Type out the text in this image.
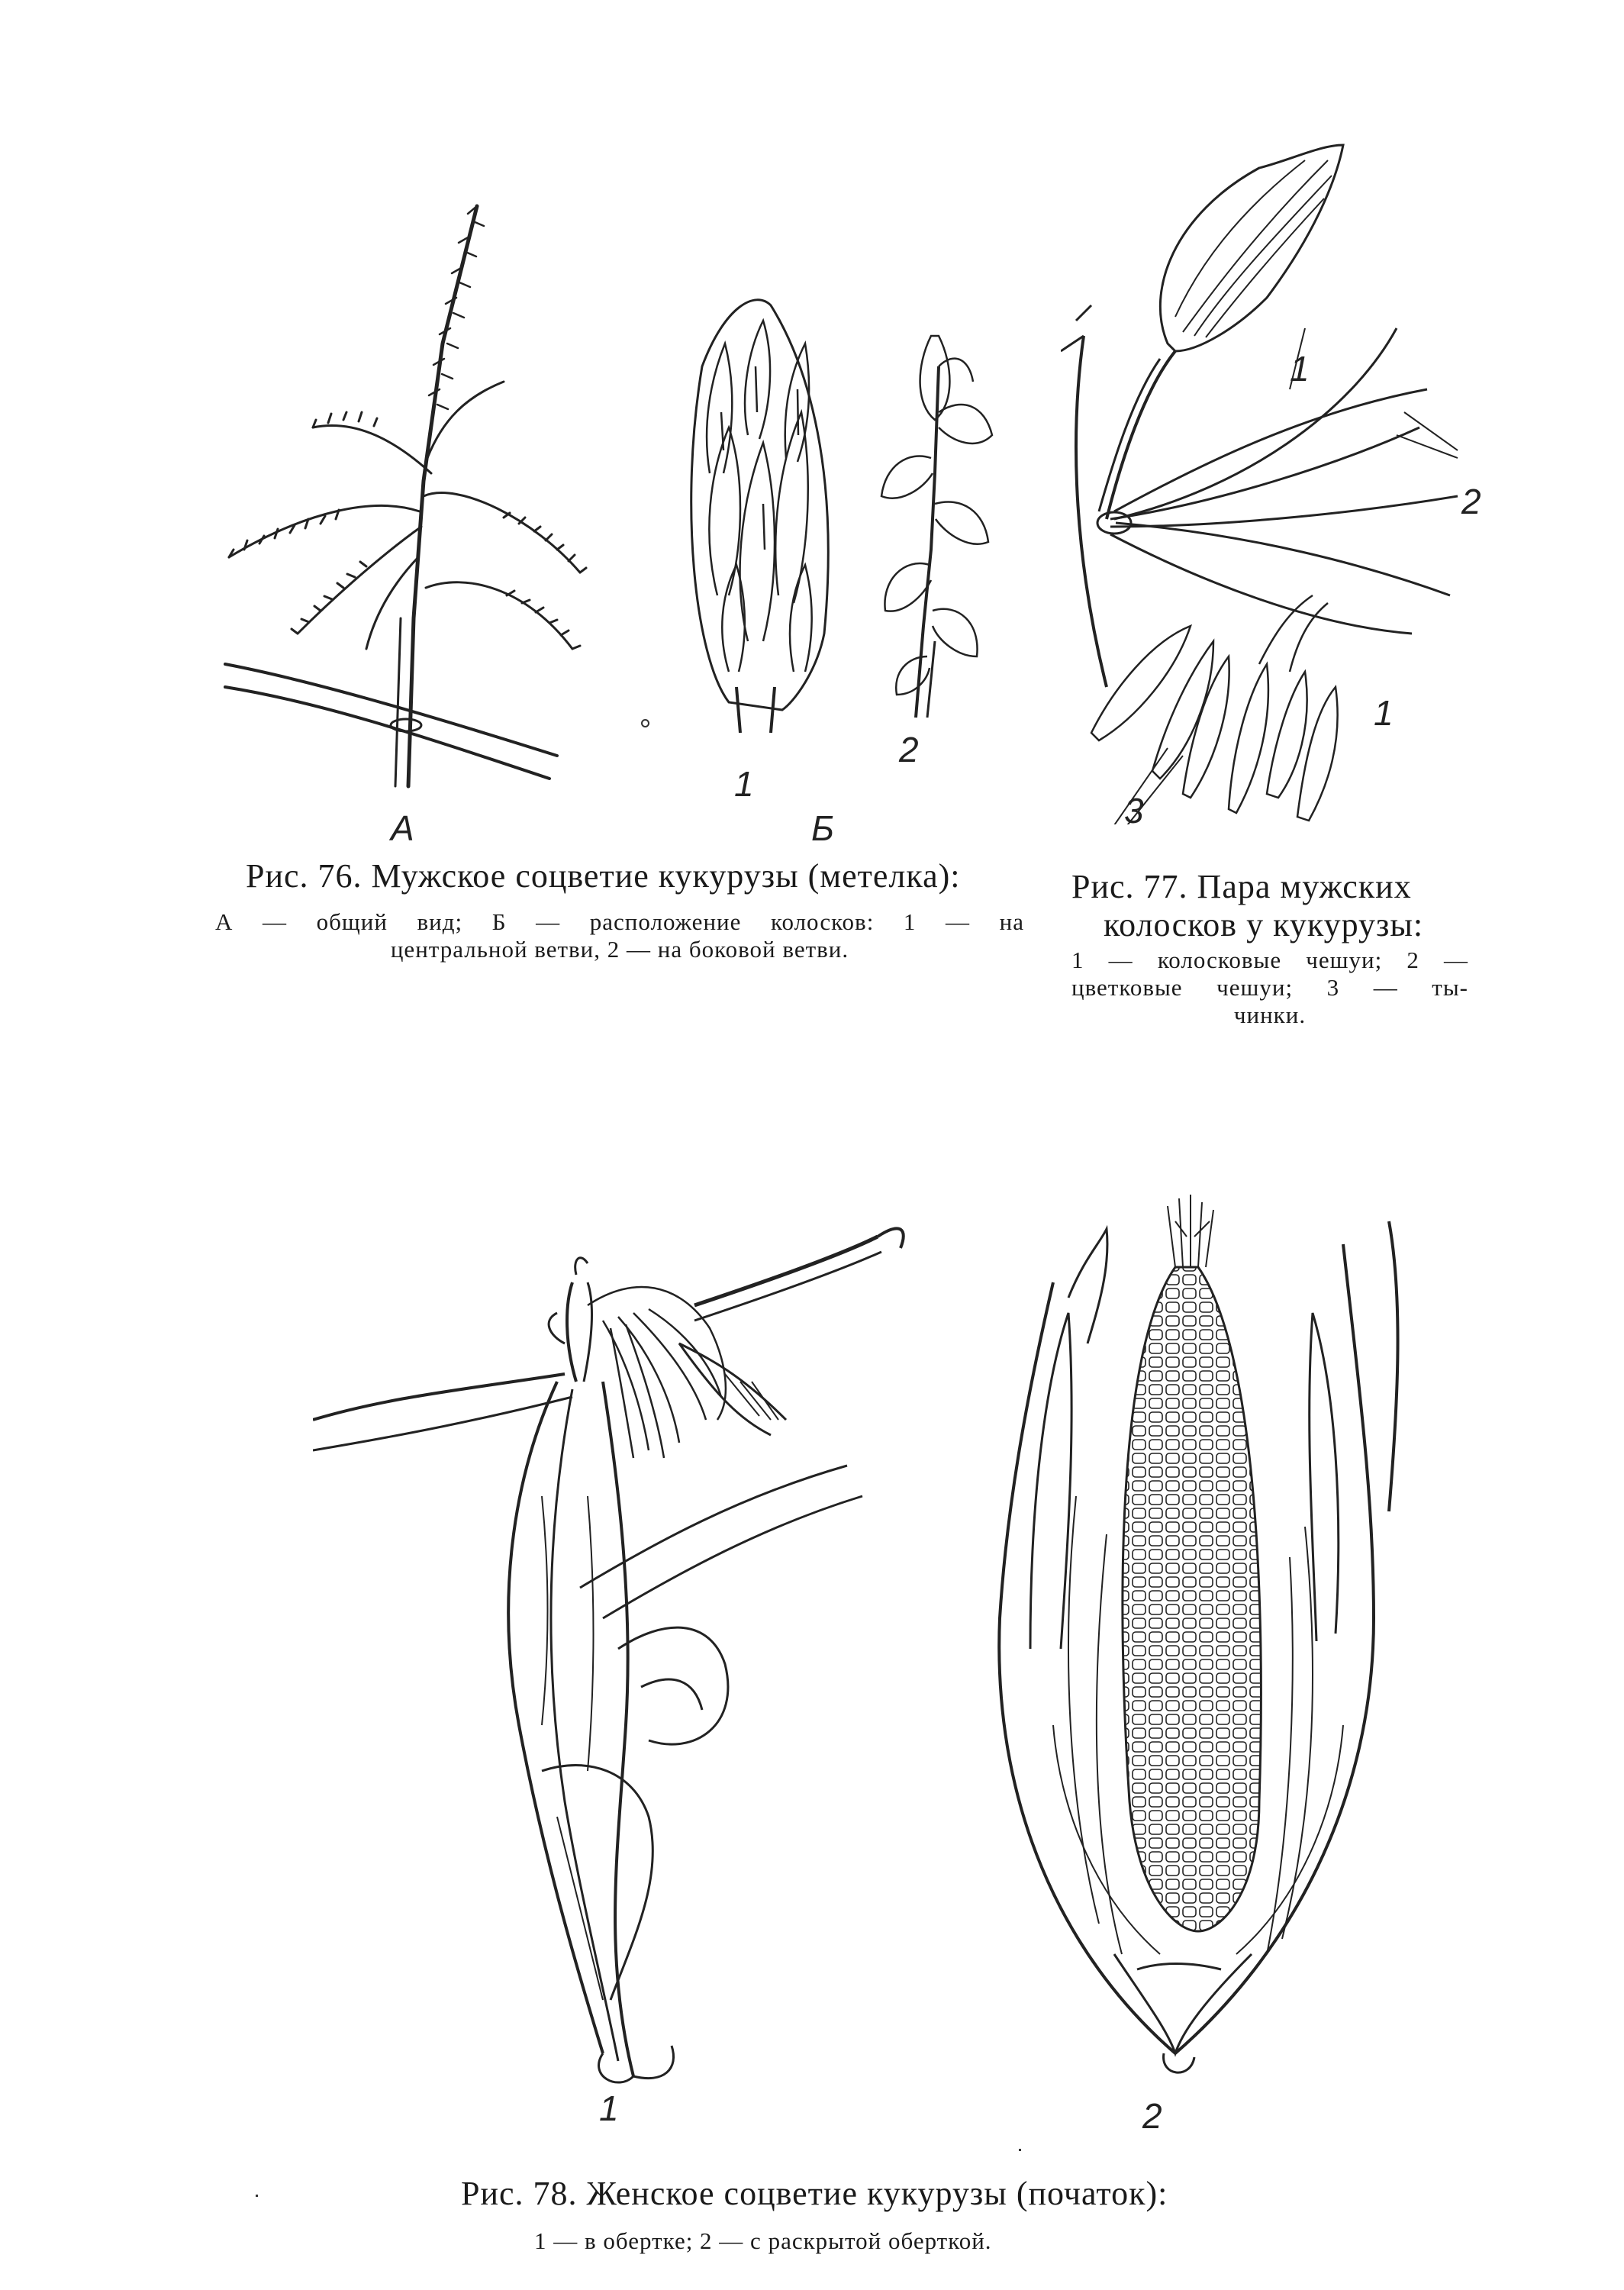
А
1
Б
2
1
2
1
3
Рис. 76. Мужское соцветие кукурузы (метелка):
А — общий вид; Б — расположение колосков: 1 — на
центральной ветви, 2 — на боковой ветви.
Рис. 77. Пара мужских
колосков у кукурузы:
1 — колосковые чешуи; 2 —
цветковые чешуи; 3 — ты-
чинки.
1	2
Рис. 78. Женское соцветие кукурузы (початок):
1 — в обертке; 2 — с раскрытой оберткой.
